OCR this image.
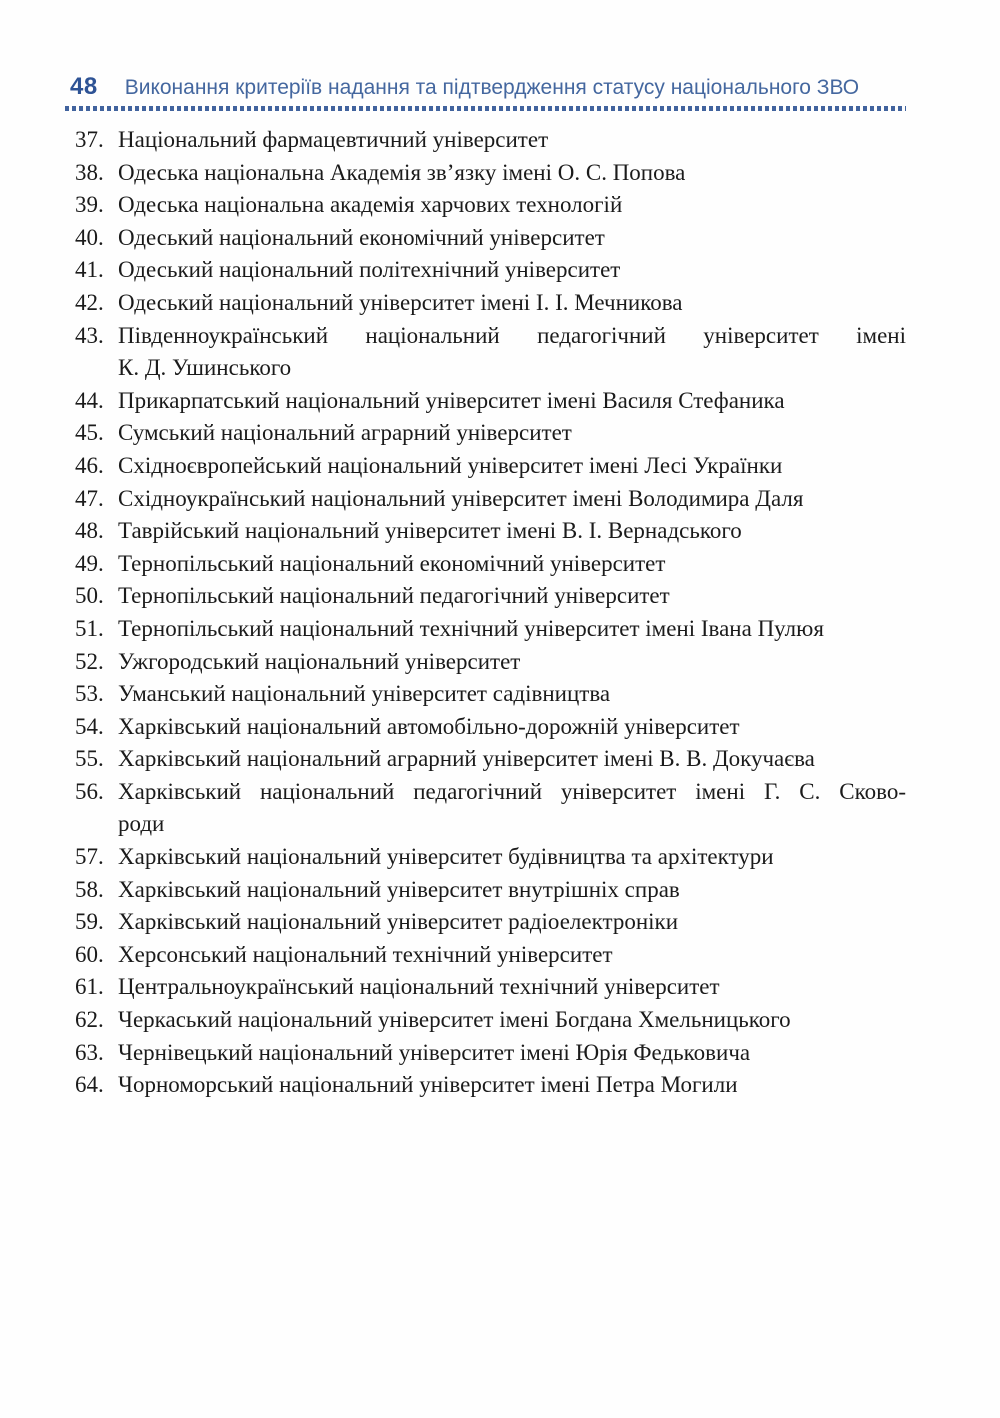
48 Виконання критеріїв надання та підтвердження статусу національного ЗВО
37. Національний фармацевтичний університет
38. Одеська національна Академія зв’язку імені О. С. Попова
39. Одеська національна академія харчових технологій
40. Одеський національний економічний університет
41. Одеський національний політехнічний університет
42. Одеський національний університет імені І. І. Мечникова
43. Південноукраїнський національний педагогічний університет імені
К. Д. Ушинського
44. Прикарпатський національний університет імені Василя Стефаника
45. Сумський національний аграрний університет
46. Східноєвропейський національний університет імені Лесі Українки
47. Східноукраїнський національний університет імені Володимира Даля
48. Таврійський національний університет імені В. І. Вернадського
49. Тернопільський національний економічний університет
50. Тернопільський національний педагогічний університет
51. Тернопільський національний технічний університет імені Івана Пулюя
52. Ужгородський національний університет
53. Уманський національний університет садівництва
54. Харківський національний автомобільно-дорожній університет
55. Харківський національний аграрний університет імені В. В. Докучаєва
56. Харківський національний педагогічний університет імені Г. С. Сково-
роди
57. Харківський національний університет будівництва та архітектури
58. Харківський національний університет внутрішніх справ
59. Харківський національний університет радіоелектроніки
60. Херсонський національний технічний університет
61. Центральноукраїнський національний технічний університет
62. Черкаський національний університет імені Богдана Хмельницького
63. Чернівецький національний університет імені Юрія Федьковича
64. Чорноморський національний університет імені Петра Могили
